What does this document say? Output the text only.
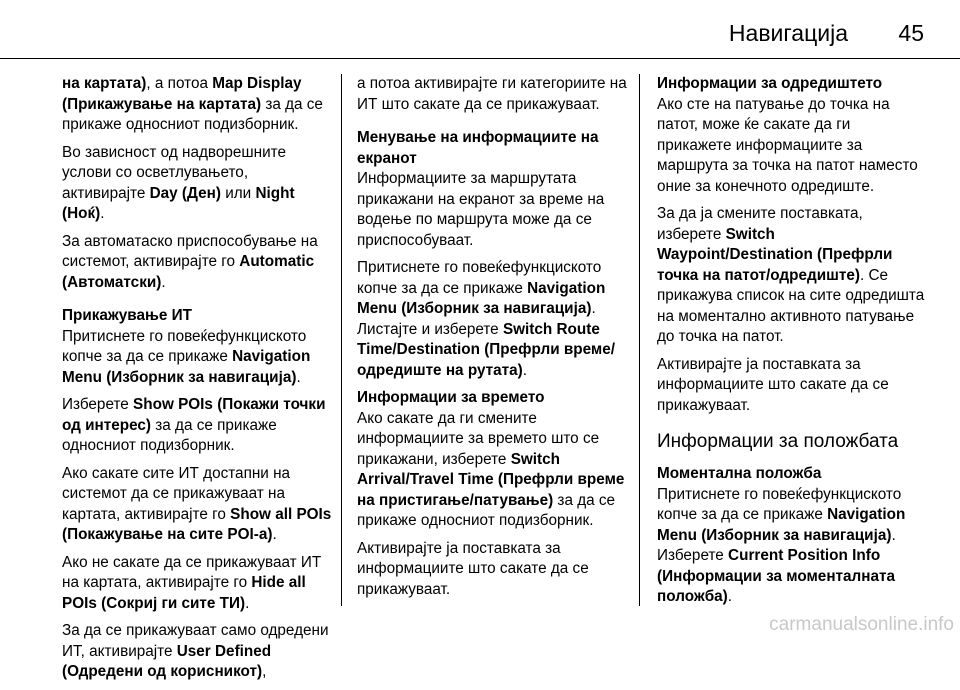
Навигација 45

на картата), а потоа Map Display (Прикажување на картата) за да се прикаже односниот подизборник.

Во зависност од надворешните услови со осветлувањето, активирајте Day (Ден) или Night (Ноќ).

За автоматаско приспособување на системот, активирајте го Automatic (Автоматски).

Прикажување ИТ

Притиснете го повеќефункциското копче за да се прикаже Navigation Menu (Изборник за навигација).

Изберете Show POIs (Покажи точки од интерес) за да се прикаже односниот подизборник.

Ако сакате сите ИТ достапни на системот да се прикажуваат на картата, активирајте го Show all POIs (Покажување на сите POI-а).

Ако не сакате да се прикажуваат ИТ на картата, активирајте го Hide all POIs (Сокриј ги сите ТИ).

За да се прикажуваат само одредени ИТ, активирајте User Defined (Одредени од корисникот),

а потоа активирајте ги категориите на ИТ што сакате да се прикажуваат.

Менување на информациите на екранот

Информациите за маршрутата прикажани на екранот за време на водење по маршрута може да се приспособуваат.

Притиснете го повеќефункциското копче за да се прикаже Navigation Menu (Изборник за навигација). Листајте и изберете Switch Route Time/Destination (Префрли време/одредиште на рутата).

Информации за времето

Ако сакате да ги смените информациите за времето што се прикажани, изберете Switch Arrival/Travel Time (Префрли време на пристигање/патување) за да се прикаже односниот подизборник.

Активирајте ја поставката за информациите што сакате да се прикажуваат.

Информации за одредиштето

Ако сте на патување до точка на патот, може ќе сакате да ги прикажете информациите за маршрута за точка на патот наместо оние за конечното одредиште.

За да ја смените поставката, изберете Switch Waypoint/Destination (Префрли точка на патот/одредиште). Се прикажува список на сите одредишта на моментално активното патување до точка на патот.

Активирајте ја поставката за информациите што сакате да се прикажуваат.

Информации за положбата
Моментална положба

Притиснете го повеќефункциското копче за да се прикаже Navigation Menu (Изборник за навигација). Изберете Current Position Info (Информации за моменталната положба).

carmanualsonline.info
